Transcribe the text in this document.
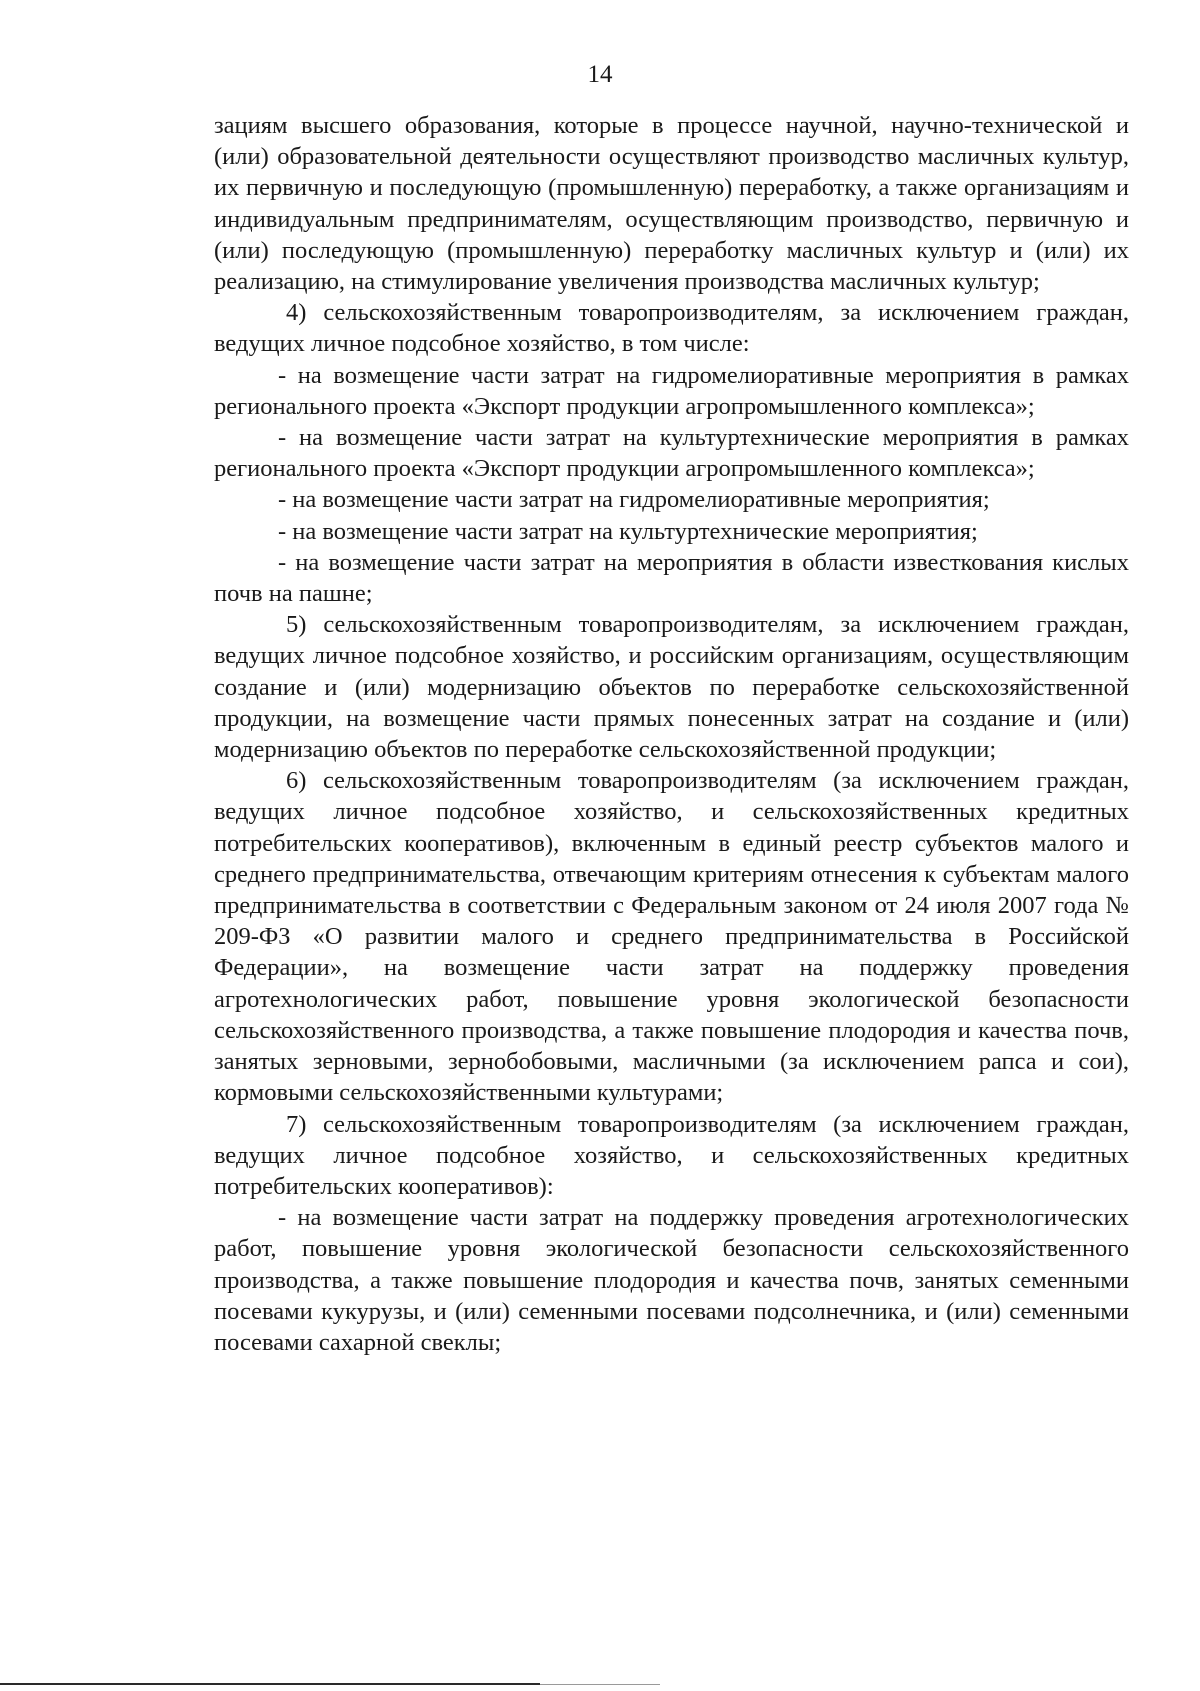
14

зациям высшего образования, которые в процессе научной, научно-технической и (или) образовательной деятельности осуществляют производство масличных культур, их первичную и последующую (промышленную) переработку, а также организациям и индивидуальным предпринимателям, осуществляющим производство, первичную и (или) последующую (промышленную) переработку масличных культур и (или) их реализацию, на стимулирование увеличения производства масличных культур;

4) сельскохозяйственным товаропроизводителям, за исключением граждан, ведущих личное подсобное хозяйство, в том числе:

- на возмещение части затрат на гидромелиоративные мероприятия в рамках регионального проекта «Экспорт продукции агропромышленного комплекса»;

- на возмещение части затрат на культуртехнические мероприятия в рамках регионального проекта «Экспорт продукции агропромышленного комплекса»;

- на возмещение части затрат на гидромелиоративные мероприятия;

- на возмещение части затрат на культуртехнические мероприятия;

- на возмещение части затрат на мероприятия в области известкования кислых почв на пашне;

5) сельскохозяйственным товаропроизводителям, за исключением граждан, ведущих личное подсобное хозяйство, и российским организациям, осуществляющим создание и (или) модернизацию объектов по переработке сельскохозяйственной продукции, на возмещение части прямых понесенных затрат на создание и (или) модернизацию объектов по переработке сельскохозяйственной продукции;

6) сельскохозяйственным товаропроизводителям (за исключением граждан, ведущих личное подсобное хозяйство, и сельскохозяйственных кредитных потребительских кооперативов), включенным в единый реестр субъектов малого и среднего предпринимательства, отвечающим критериям отнесения к субъектам малого предпринимательства в соответствии с Федеральным законом от 24 июля 2007 года № 209-ФЗ «О развитии малого и среднего предпринимательства в Российской Федерации», на возмещение части затрат на поддержку проведения агротехнологических работ, повышение уровня экологической безопасности сельскохозяйственного производства, а также повышение плодородия и качества почв, занятых зерновыми, зернобобовыми, масличными (за исключением рапса и сои), кормовыми сельскохозяйственными культурами;

7) сельскохозяйственным товаропроизводителям (за исключением граждан, ведущих личное подсобное хозяйство, и сельскохозяйственных кредитных потребительских кооперативов):

- на возмещение части затрат на поддержку проведения агротехнологических работ, повышение уровня экологической безопасности сельскохозяйственного производства, а также повышение плодородия и качества почв, занятых семенными посевами кукурузы, и (или) семенными посевами подсолнечника, и (или) семенными посевами сахарной свеклы;
